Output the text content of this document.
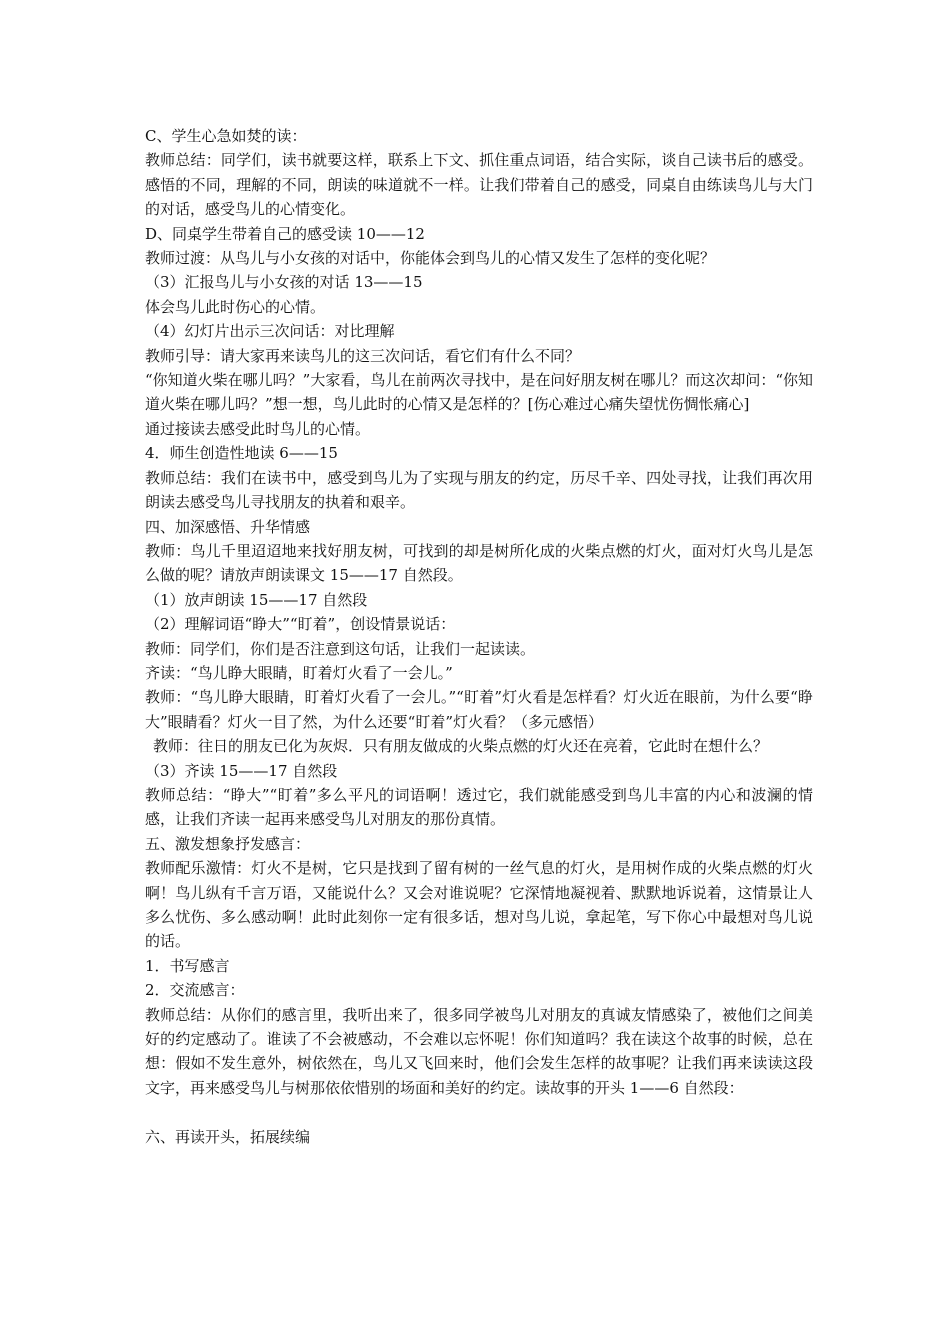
C、学生心急如焚的读：

教师总结：同学们，读书就要这样，联系上下文、抓住重点词语，结合实际，谈自己读书后的感受。感悟的不同，理解的不同，朗读的味道就不一样。让我们带着自己的感受，同桌自由练读鸟儿与大门的对话，感受鸟儿的心情变化。

D、同桌学生带着自己的感受读 10——12

教师过渡：从鸟儿与小女孩的对话中，你能体会到鸟儿的心情又发生了怎样的变化呢？

（3）汇报鸟儿与小女孩的对话 13——15

体会鸟儿此时伤心的心情。

（4）幻灯片出示三次问话：对比理解

教师引导：请大家再来读鸟儿的这三次问话，看它们有什么不同？

“你知道火柴在哪儿吗？”大家看，鸟儿在前两次寻找中，是在问好朋友树在哪儿？而这次却问：“你知道火柴在哪儿吗？”想一想，鸟儿此时的心情又是怎样的？[伤心难过心痛失望忧伤惆怅痛心]

通过接读去感受此时鸟儿的心情。

4．师生创造性地读 6——15

教师总结：我们在读书中，感受到鸟儿为了实现与朋友的约定，历尽千辛、四处寻找，让我们再次用朗读去感受鸟儿寻找朋友的执着和艰辛。

四、加深感悟、升华情感

教师：鸟儿千里迢迢地来找好朋友树，可找到的却是树所化成的火柴点燃的灯火，面对灯火鸟儿是怎么做的呢？请放声朗读课文 15——17 自然段。

（1）放声朗读 15——17 自然段

（2）理解词语“睁大”“盯着”，创设情景说话：

教师：同学们，你们是否注意到这句话，让我们一起读读。

齐读：“鸟儿睁大眼睛，盯着灯火看了一会儿。”

教师：“鸟儿睁大眼睛，盯着灯火看了一会儿。”“盯着”灯火看是怎样看？灯火近在眼前，为什么要“睁大”眼睛看？灯火一目了然，为什么还要“盯着”灯火看？（多元感悟）

教师：往日的朋友已化为灰烬．只有朋友做成的火柴点燃的灯火还在亮着，它此时在想什么？

（3）齐读 15——17 自然段

教师总结：“睁大”“盯着”多么平凡的词语啊！透过它，我们就能感受到鸟儿丰富的内心和波澜的情感，让我们齐读一起再来感受鸟儿对朋友的那份真情。

五、激发想象抒发感言：

教师配乐激情：灯火不是树，它只是找到了留有树的一丝气息的灯火，是用树作成的火柴点燃的灯火啊！鸟儿纵有千言万语，又能说什么？又会对谁说呢？它深情地凝视着、默默地诉说着，这情景让人多么忧伤、多么感动啊！此时此刻你一定有很多话，想对鸟儿说，拿起笔，写下你心中最想对鸟儿说的话。

1．书写感言

2．交流感言：

教师总结：从你们的感言里，我听出来了，很多同学被鸟儿对朋友的真诚友情感染了，被他们之间美好的约定感动了。谁读了不会被感动，不会难以忘怀呢！你们知道吗？我在读这个故事的时候，总在想：假如不发生意外，树依然在，鸟儿又飞回来时，他们会发生怎样的故事呢？让我们再来读读这段文字，再来感受鸟儿与树那依依惜别的场面和美好的约定。读故事的开头 1——6 自然段：

六、再读开头，拓展续编
